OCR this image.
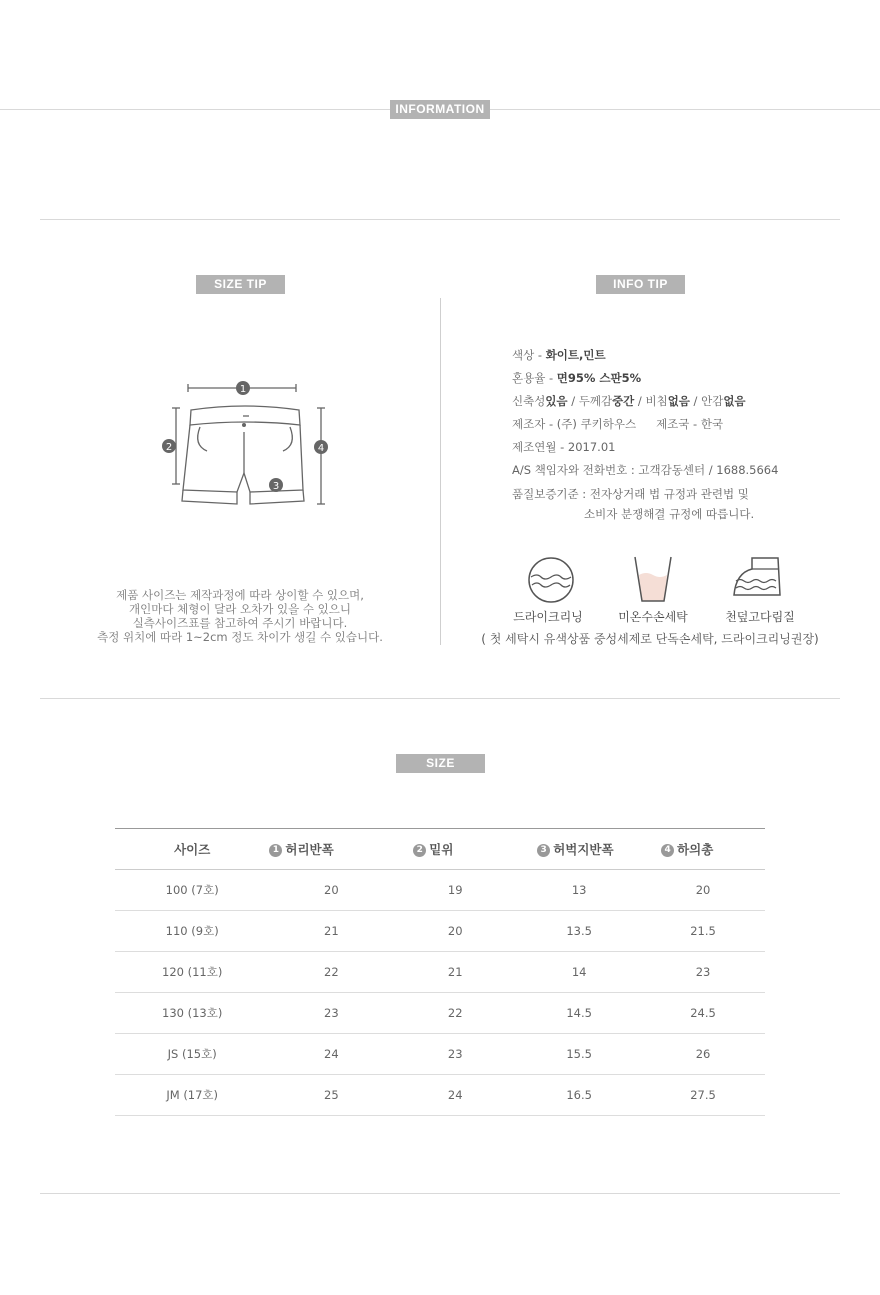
INFORMATION
SIZE TIP
1
2
3
4
제품 사이즈는 제작과정에 따라 상이할 수 있으며,
개인마다 체형이 달라 오차가 있을 수 있으니
실측사이즈표를 참고하여 주시기 바랍니다.
측정 위치에 따라 1~2cm 정도 차이가 생길 수 있습니다.
INFO TIP
색상 - 화이트,민트
혼용율 - 면95% 스판5%
신축성있음 / 두께감중간 / 비침없음 / 안감없음
제조자 - (주) 쿠키하우스 제조국 - 한국
제조연월 - 2017.01
A/S 책임자와 전화번호 : 고객감동센터 / 1688.5664
품질보증기준 : 전자상거래 법 규정과 관련법 및
소비자 분쟁해결 규정에 따릅니다.
드라이크리닝	미온수손세탁	천덮고다림질
( 첫 세탁시 유색상품 중성세제로 단독손세탁, 드라이크리닝권장)
SIZE
사이즈	1 허리반폭	2 밑위	3 허벅지반폭	4 하의총
100 (7호)	20	19	13	20
110 (9호)	21	20	13.5	21.5
120 (11호)	22	21	14	23
130 (13호)	23	22	14.5	24.5
JS (15호)	24	23	15.5	26
JM (17호)	25	24	16.5	27.5
